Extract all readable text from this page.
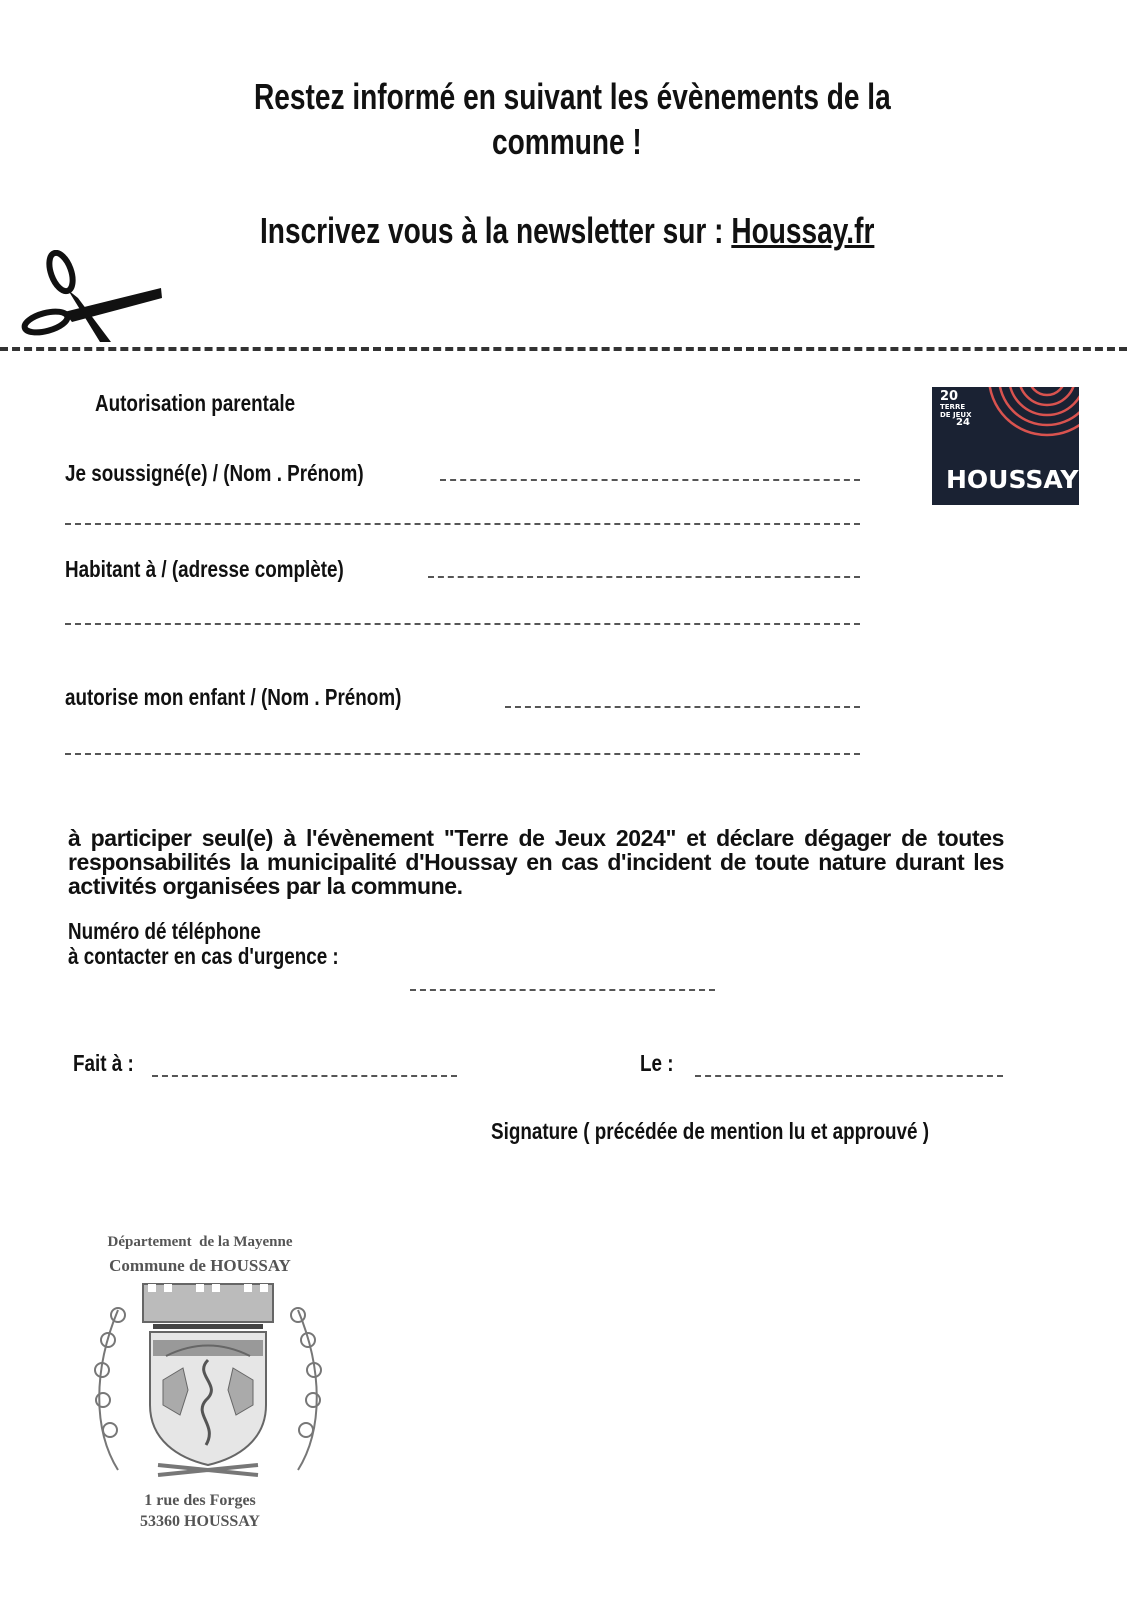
Restez informé en suivant les évènements de la
commune !
Inscrivez vous à la newsletter sur : Houssay.fr
Autorisation parentale
Je soussigné(e) / (Nom . Prénom)
Habitant à / (adresse complète)
autorise mon enfant / (Nom . Prénom)
à participer seul(e) à l'évènement "Terre de Jeux 2024" et déclare dégager de toutes responsabilités la municipalité d'Houssay en cas d'incident de toute nature durant les activités organisées par la commune.
Numéro dé téléphone
à contacter en cas d'urgence :
Fait à :	Le :
Signature ( précédée de mention lu et approuvé )
20
TERRE
DE JEUX
24
HOUSSAY
Département  de la Mayenne
Commune de HOUSSAY
1 rue des Forges
53360 HOUSSAY
